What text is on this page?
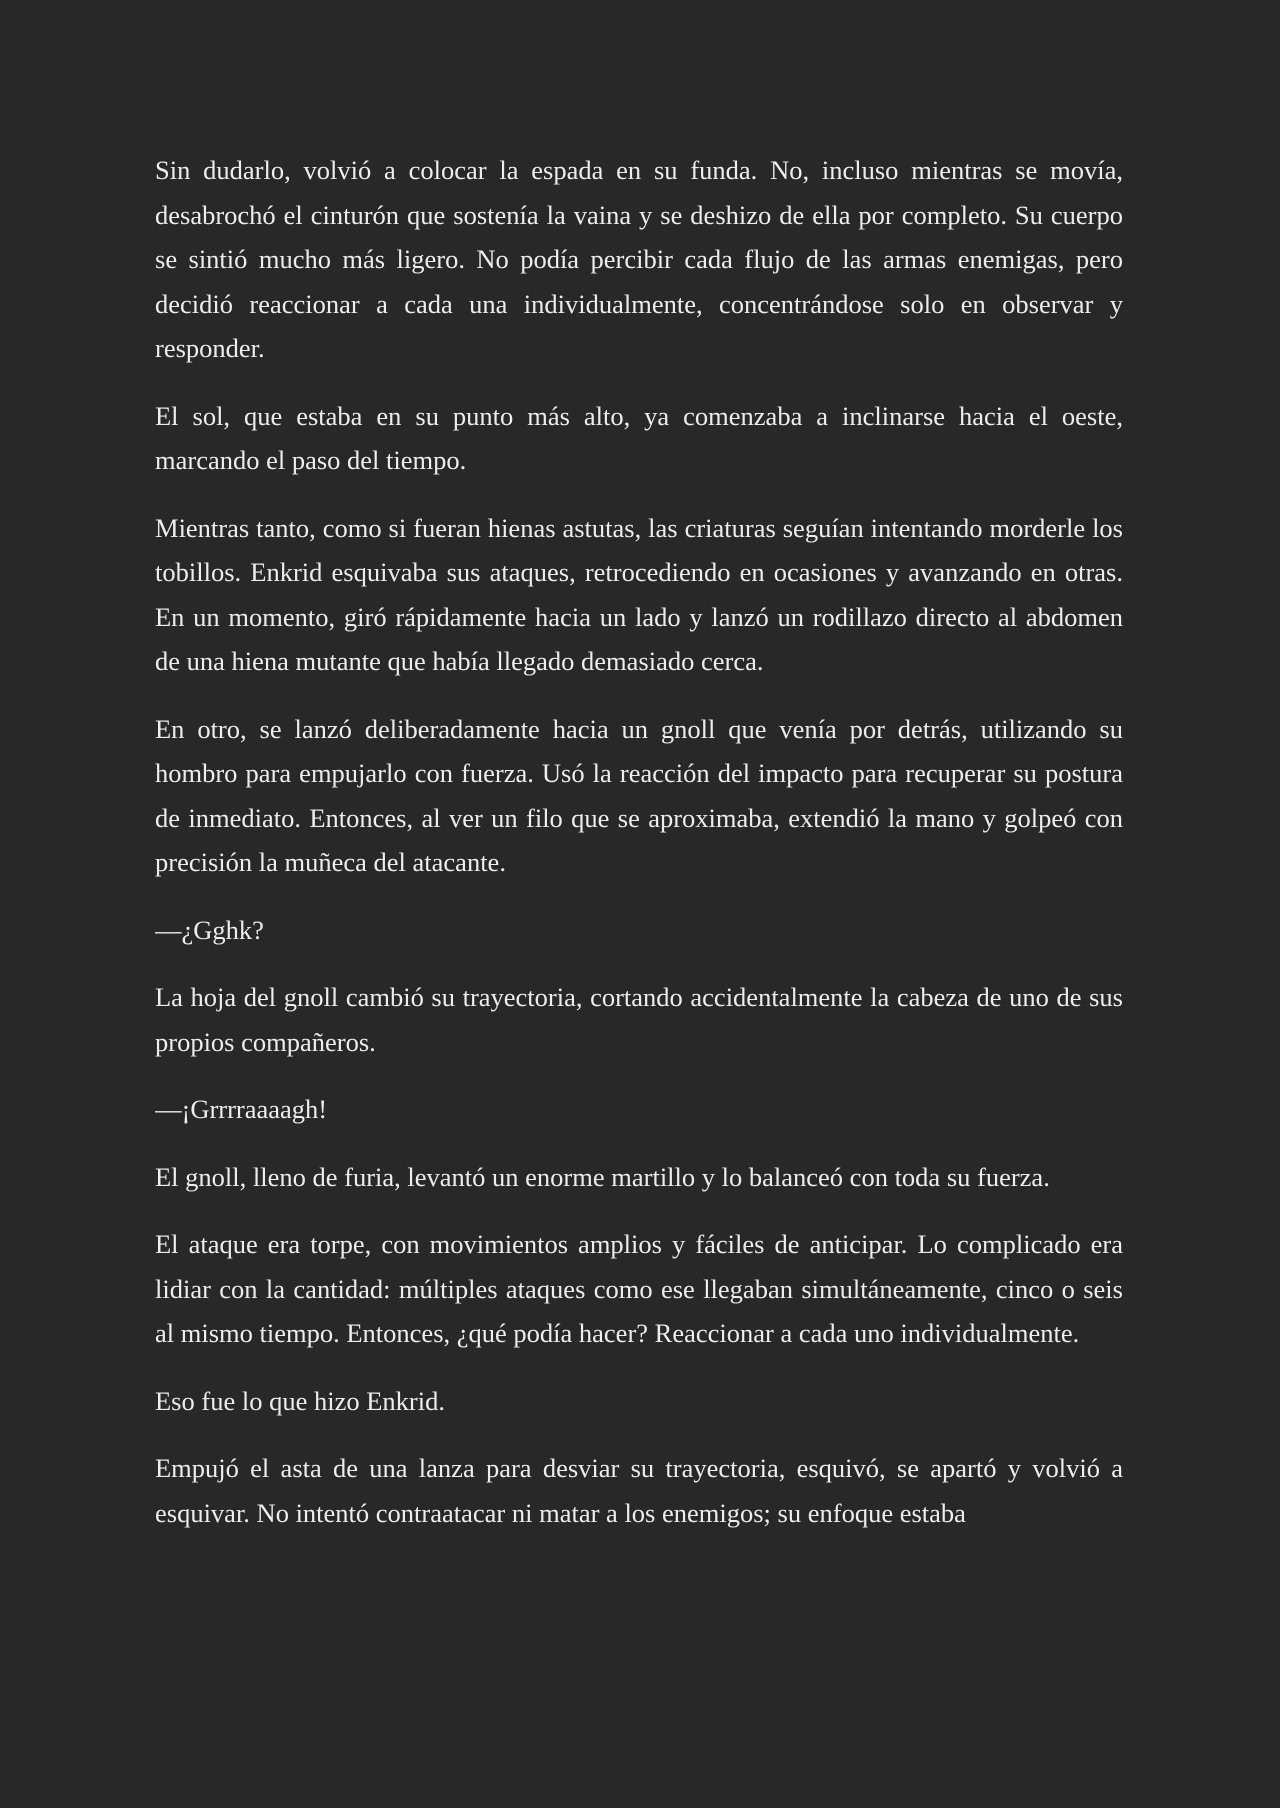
Sin dudarlo, volvió a colocar la espada en su funda. No, incluso mientras se movía, desabrochó el cinturón que sostenía la vaina y se deshizo de ella por completo. Su cuerpo se sintió mucho más ligero. No podía percibir cada flujo de las armas enemigas, pero decidió reaccionar a cada una individualmente, concentrándose solo en observar y responder.

El sol, que estaba en su punto más alto, ya comenzaba a inclinarse hacia el oeste, marcando el paso del tiempo.

Mientras tanto, como si fueran hienas astutas, las criaturas seguían intentando morderle los tobillos. Enkrid esquivaba sus ataques, retrocediendo en ocasiones y avanzando en otras. En un momento, giró rápidamente hacia un lado y lanzó un rodillazo directo al abdomen de una hiena mutante que había llegado demasiado cerca.

En otro, se lanzó deliberadamente hacia un gnoll que venía por detrás, utilizando su hombro para empujarlo con fuerza. Usó la reacción del impacto para recuperar su postura de inmediato. Entonces, al ver un filo que se aproximaba, extendió la mano y golpeó con precisión la muñeca del atacante.

—¿Gghk?

La hoja del gnoll cambió su trayectoria, cortando accidentalmente la cabeza de uno de sus propios compañeros.

—¡Grrrraaaagh!

El gnoll, lleno de furia, levantó un enorme martillo y lo balanceó con toda su fuerza.

El ataque era torpe, con movimientos amplios y fáciles de anticipar. Lo complicado era lidiar con la cantidad: múltiples ataques como ese llegaban simultáneamente, cinco o seis al mismo tiempo. Entonces, ¿qué podía hacer? Reaccionar a cada uno individualmente.

Eso fue lo que hizo Enkrid.

Empujó el asta de una lanza para desviar su trayectoria, esquivó, se apartó y volvió a esquivar. No intentó contraatacar ni matar a los enemigos; su enfoque estaba
